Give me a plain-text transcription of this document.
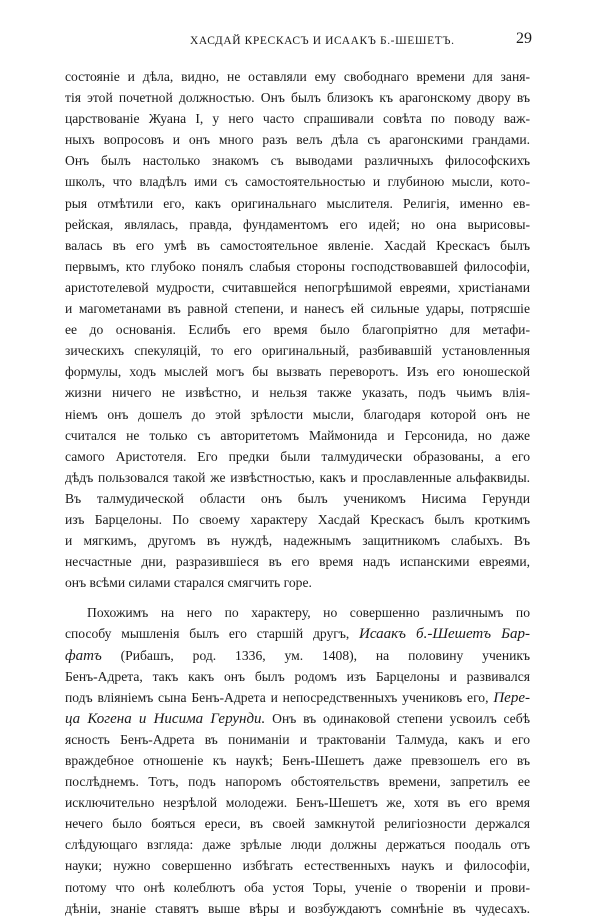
ХАСДАЙ КРЕСКАСЪ И ИСААКЪ Б.-ШЕШЕТЪ.	29
состояніе и дѣла, видно, не оставляли ему свободнаго времени для заня-
тія этой почетной должностью. Онъ былъ близокъ къ арагонскому двору въ
царствованіе Жуана I, у него часто спрашивали совѣта по поводу важ-
ныхъ вопросовъ и онъ много разъ велъ дѣла съ арагонскими грандами.
Онъ былъ настолько знакомъ съ выводами различныхъ философскихъ
школъ, что владѣлъ ими съ самостоятельностью и глубиною мысли, кото-
рыя отмѣтили его, какъ оригинальнаго мыслителя. Религія, именно ев-
рейская, являлась, правда, фундаментомъ его идей; но она вырисовы-
валась въ его умѣ въ самостоятельное явленіе. Хасдай Крескасъ былъ
первымъ, кто глубоко понялъ слабыя стороны господствовавшей философіи,
аристотелевой мудрости, считавшейся непогрѣшимой евреями, христіанами
и магометанами въ равной степени, и нанесъ ей сильные удары, потрясшіе
ее до основанія. Еслибъ его время было благопріятно для метафи-
зическихъ спекуляцій, то его оригинальный, разбивавшій установленныя
формулы, ходъ мыслей могъ бы вызвать переворотъ. Изъ его юношеской
жизни ничего не извѣстно, и нельзя также указать, подъ чьимъ влія-
ніемъ онъ дошелъ до этой зрѣлости мысли, благодаря которой онъ не
считался не только съ авторитетомъ Маймонида и Герсонида, но даже
самого Аристотеля. Его предки были талмудически образованы, а его
дѣдъ пользовался такой же извѣстностью, какъ и прославленные альфаквиды.
Въ талмудической области онъ былъ ученикомъ Нисима Герунди
изъ Барцелоны. По своему характеру Хасдай Крескасъ былъ кроткимъ
и мягкимъ, другомъ въ нуждѣ, надежнымъ защитникомъ слабыхъ. Въ
несчастные дни, разразившіеся въ его время надъ испанскими евреями,
онъ всѣми силами старался смягчить горе.
Похожимъ на него по характеру, но совершенно различнымъ по
способу мышленія былъ его старшій другъ, Исаакъ б.-Шешетъ Бар-
фатъ (Рибашъ, род. 1336, ум. 1408), на половину ученикъ
Бенъ-Адрета, такъ какъ онъ былъ родомъ изъ Барцелоны и развивался
подъ вліяніемъ сына Бенъ-Адрета и непосредственныхъ учениковъ его, Пере-
ца Когена и Нисима Герунди. Онъ въ одинаковой степени усвоилъ себѣ
ясность Бенъ-Адрета въ пониманіи и трактованіи Талмуда, какъ и его
враждебное отношеніе къ наукѣ; Бенъ-Шешетъ даже превзошелъ его въ
послѣднемъ. Тотъ, подъ напоромъ обстоятельствъ времени, запретилъ ее
исключительно незрѣлой молодежи. Бенъ-Шешетъ же, хотя въ его время
нечего было бояться ереси, въ своей замкнутой религіозности держался
слѣдующаго взгляда: даже зрѣлые люди должны держаться поодаль отъ
науки; нужно совершенно избѣгать естественныхъ наукъ и философіи,
потому что онѣ колеблютъ оба устоя Торы, ученіе о твореніи и прови-
дѣніи, знаніе ставятъ выше вѣры и возбуждаютъ сомнѣніе въ чудесахъ.
